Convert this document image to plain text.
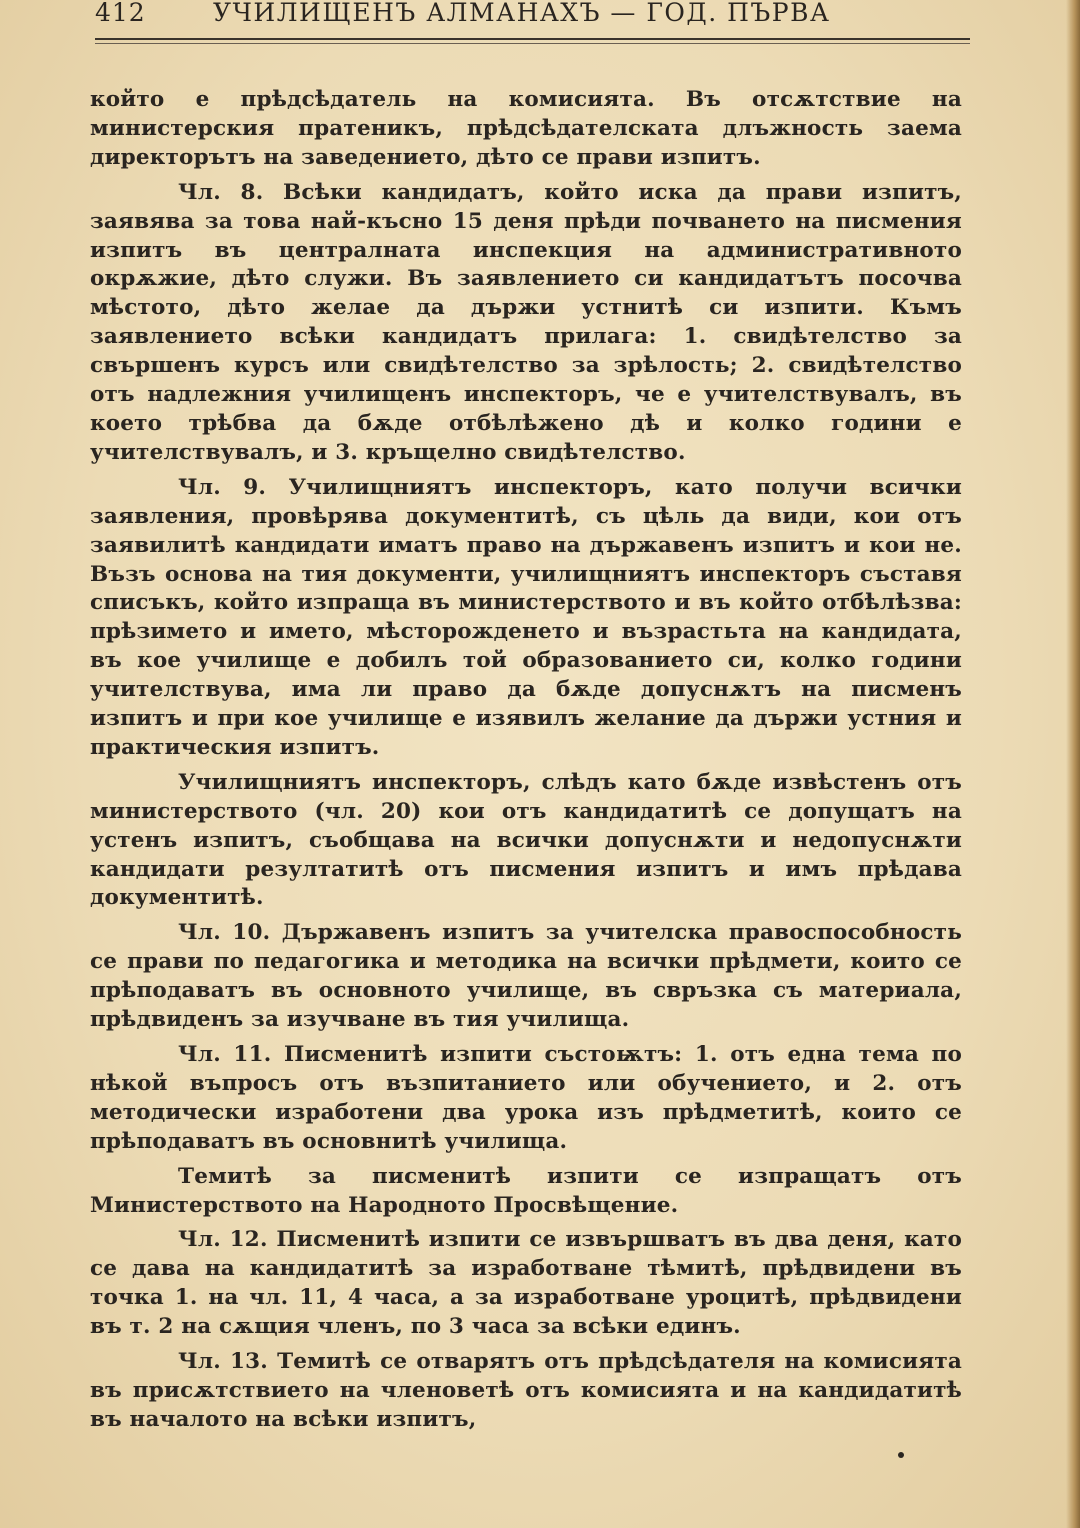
412	УЧИЛИЩЕНЪ АЛМАНАХЪ — ГОД. ПЪРВА

който е прѣдсѣдатель на комисията. Въ отсѫтствие на министерския пратеникъ, прѣдсѣдателската длъжность заема директорътъ на заведението, дѣто се прави изпитъ.

Чл. 8. Всѣки кандидатъ, който иска да прави изпитъ, заявява за това най-късно 15 деня прѣди почването на писмения изпитъ въ централната инспекция на административното окрѫжие, дѣто служи. Въ заявлението си кандидатътъ посочва мѣстото, дѣто желае да държи устнитѣ си изпити. Къмъ заявлението всѣки кандидатъ прилага: 1. свидѣтелство за свършенъ курсъ или свидѣтелство за зрѣлость; 2. свидѣтелство отъ надлежния училищенъ инспекторъ, че е учителствувалъ, въ което трѣбва да бѫде отбѣлѣжено дѣ и колко години е учителствувалъ, и 3. кръщелно свидѣтелство.

Чл. 9. Училищниятъ инспекторъ, като получи всички заявления, провѣрява документитѣ, съ цѣль да види, кои отъ заявилитѣ кандидати иматъ право на държавенъ изпитъ и кои не. Възъ основа на тия документи, училищниятъ инспекторъ съставя списъкъ, който изпраща въ министерството и въ който отбѣлѣзва: прѣзимето и името, мѣсторожденето и възрастьта на кандидата, въ кое училище е добилъ той образованието си, колко години учителствува, има ли право да бѫде допуснѫтъ на писменъ изпитъ и при кое училище е изявилъ желание да държи устния и практическия изпитъ.

Училищниятъ инспекторъ, слѣдъ като бѫде извѣстенъ отъ министерството (чл. 20) кои отъ кандидатитѣ се допущатъ на устенъ изпитъ, съобщава на всички допуснѫти и недопуснѫти кандидати резултатитѣ отъ писмения изпитъ и имъ прѣдава документитѣ.

Чл. 10. Държавенъ изпитъ за учителска правоспособность се прави по педагогика и методика на всички прѣдмети, които се прѣподаватъ въ основното училище, въ свръзка съ материала, прѣдвиденъ за изучване въ тия училища.

Чл. 11. Писменитѣ изпити състоѭтъ: 1. отъ една тема по нѣкой въпросъ отъ възпитанието или обучението, и 2. отъ методически изработени два урока изъ прѣдметитѣ, които се прѣподаватъ въ основнитѣ училища.

Темитѣ за писменитѣ изпити се изпращатъ отъ Министерството на Народното Просвѣщение.

Чл. 12. Писменитѣ изпити се извършватъ въ два деня, като се дава на кандидатитѣ за изработване тѣмитѣ, прѣдвидени въ точка 1. на чл. 11, 4 часа, а за изработване уроцитѣ, прѣдвидени въ т. 2 на сѫщия членъ, по 3 часа за всѣки единъ.

Чл. 13. Темитѣ се отварятъ отъ прѣдсѣдателя на комисията въ присѫтствието на членоветѣ отъ комисията и на кандидатитѣ въ началото на всѣки изпитъ,
